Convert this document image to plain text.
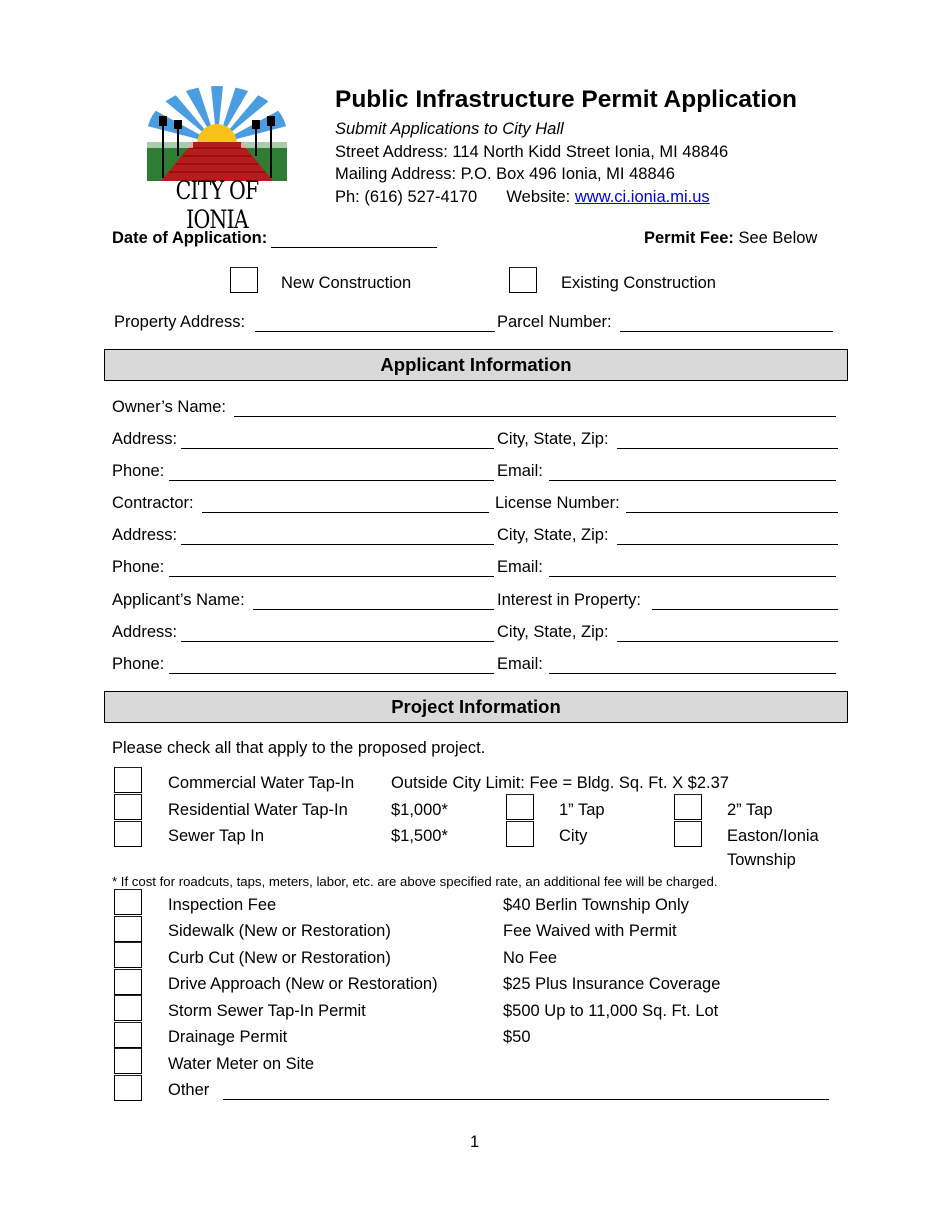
CITY OF IONIA
Public Infrastructure Permit Application
Submit Applications to City Hall
Street Address: 114 North Kidd Street Ionia, MI 48846
Mailing Address: P.O. Box 496 Ionia, MI 48846
Ph: (616) 527-4170 Website: www.ci.ionia.mi.us
Date of Application:	Permit Fee: See Below
New Construction	Existing Construction
Property Address:	Parcel Number:
Applicant Information
Owner’s Name:
Address:	City, State, Zip:
Phone:	Email:
Contractor:	License Number:
Address:	City, State, Zip:
Phone:	Email:
Applicant’s Name:	Interest in Property:
Address:	City, State, Zip:
Phone:	Email:
Project Information
Please check all that apply to the proposed project.
Commercial Water Tap-In Outside City Limit: Fee = Bldg. Sq. Ft. X $2.37
Residential Water Tap-In	$1,000*	1” Tap	2” Tap
Sewer Tap In	$1,500*	City	Easton/Ionia
Township
* If cost for roadcuts, taps, meters, labor, etc. are above specified rate, an additional fee will be charged.
Inspection Fee	$40 Berlin Township Only
Sidewalk (New or Restoration)	Fee Waived with Permit
Curb Cut (New or Restoration)	No Fee
Drive Approach (New or Restoration)	$25 Plus Insurance Coverage
Storm Sewer Tap-In Permit	$500 Up to 11,000 Sq. Ft. Lot
Drainage Permit	$50
Water Meter on Site
Other
1
